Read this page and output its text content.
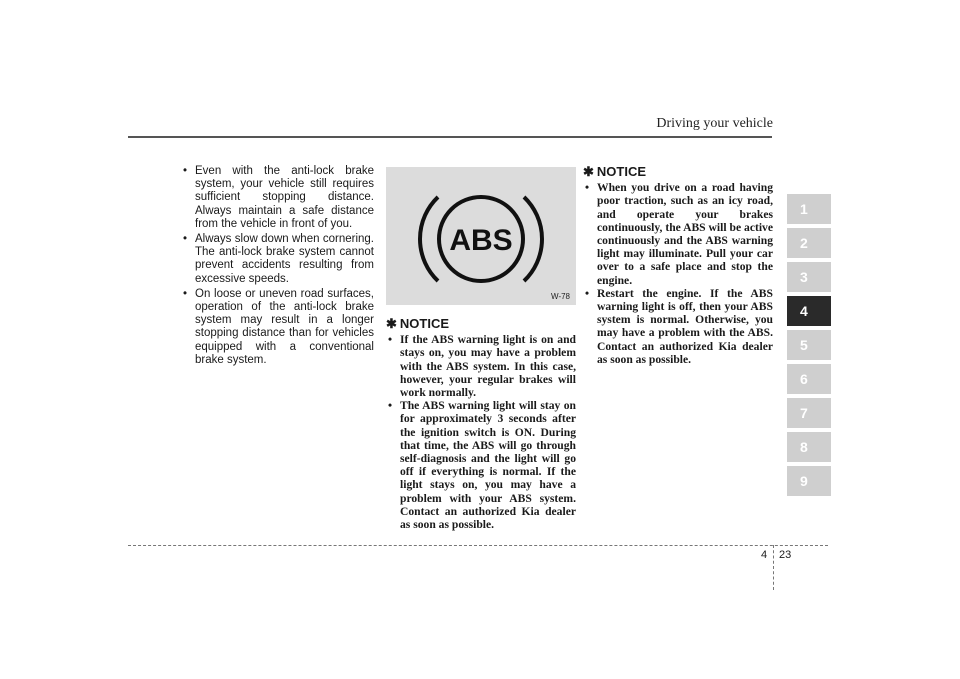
Driving your vehicle
• Even with the anti-lock brake system, your vehicle still requires sufficient stopping distance. Always maintain a safe distance from the vehicle in front of you.
• Always slow down when cornering. The anti-lock brake system cannot prevent accidents resulting from excessive speeds.
• On loose or uneven road surfaces, operation of the anti-lock brake system may result in a longer stopping distance than for vehicles equipped with a conventional brake system.
ABS
W-78
✱ NOTICE
• If the ABS warning light is on and stays on, you may have a problem with the ABS system. In this case, however, your regular brakes will work normally.
• The ABS warning light will stay on for approximately 3 seconds after the ignition switch is ON. During that time, the ABS will go through self-diagnosis and the light will go off if everything is normal. If the light stays on, you may have a problem with your ABS system. Contact an authorized Kia dealer as soon as possible.
✱ NOTICE
• When you drive on a road having poor traction, such as an icy road, and operate your brakes continuously, the ABS will be active continuously and the ABS warning light may illuminate. Pull your car over to a safe place and stop the engine.
• Restart the engine. If the ABS warning light is off, then your ABS system is normal. Otherwise, you may have a problem with the ABS. Contact an authorized Kia dealer as soon as possible.
1
2
3
4
5
6
7
8
9
4 23
